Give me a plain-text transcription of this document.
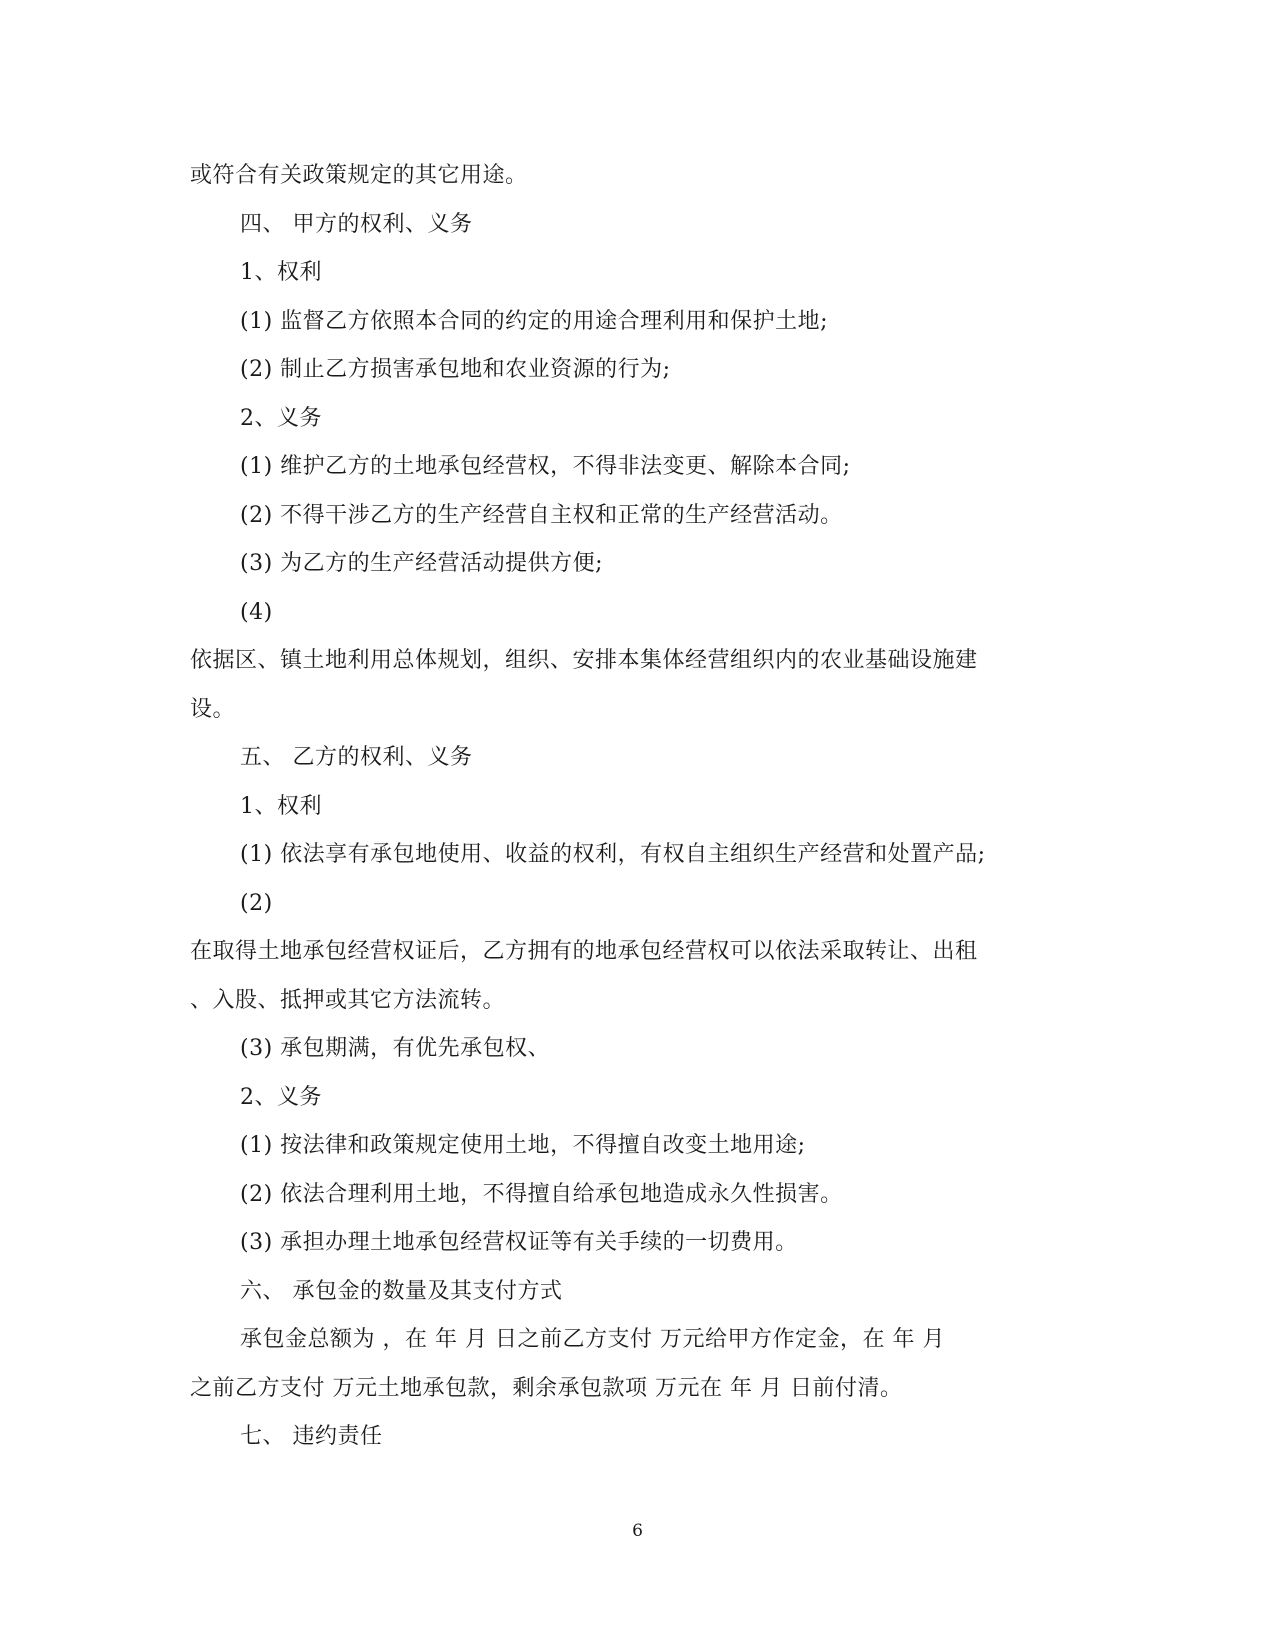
或符合有关政策规定的其它用途。
四、 甲方的权利、义务
1、权利
(1) 监督乙方依照本合同的约定的用途合理利用和保护土地;
(2) 制止乙方损害承包地和农业资源的行为;
2、义务
(1) 维护乙方的土地承包经营权，不得非法变更、解除本合同;
(2) 不得干涉乙方的生产经营自主权和正常的生产经营活动。
(3) 为乙方的生产经营活动提供方便;
(4)
依据区、镇土地利用总体规划，组织、安排本集体经营组织内的农业基础设施建
设。
五、 乙方的权利、义务
1、权利
(1) 依法享有承包地使用、收益的权利，有权自主组织生产经营和处置产品;
(2)
在取得土地承包经营权证后，乙方拥有的地承包经营权可以依法采取转让、出租
、入股、抵押或其它方法流转。
(3) 承包期满，有优先承包权、
2、义务
(1) 按法律和政策规定使用土地，不得擅自改变土地用途;
(2) 依法合理利用土地，不得擅自给承包地造成永久性损害。
(3) 承担办理土地承包经营权证等有关手续的一切费用。
六、 承包金的数量及其支付方式
承包金总额为 ，在 年 月 日之前乙方支付 万元给甲方作定金，在 年 月
之前乙方支付 万元土地承包款，剩余承包款项 万元在 年 月 日前付清。
七、 违约责任
6
